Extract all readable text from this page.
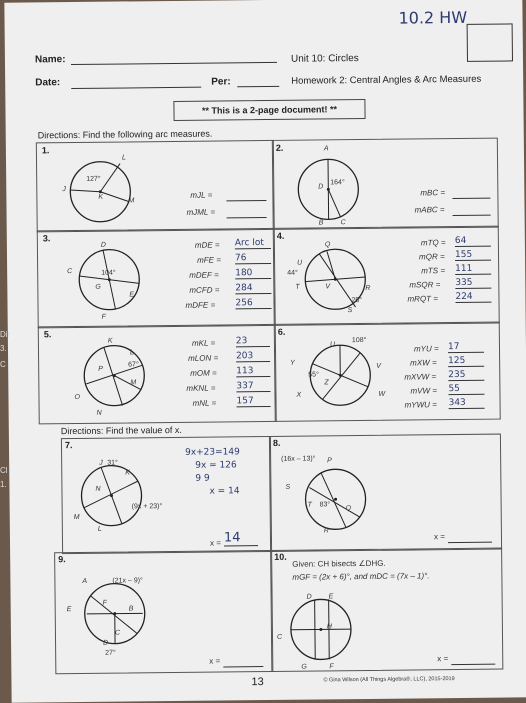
10.2 HW
Name:
Date:	Per:
Unit 10: Circles
Homework 2: Central Angles & Arc Measures
** This is a 2-page document! **
Directions: Find the following arc measures.
1.	2.
3.	4.
5.	6.
127°
L
J
K
M
mJL =
mJML =
164°
A
D
B C
mBC =
mABC =
104°
D
C
G
E
F
mDE = Arc lot
mFE = 76
mDEF = 180
mCFD = 284
mDFE = 256
44°
25°
Q
U
T	V	R
S
mTQ = 64
mQR = 155
mTS = 111
mSQR = 335
mRQT = 224
67°
K
L
P
M
O
N
mKL = 23
mLON = 203
mOM = 113
mKNL = 337
mNL = 157
108°
55°
U
Y	V
Z
X	W
mYU = 17
mXW = 125
mXVW = 235
mVW = 55
mYWU = 343
Directions: Find the value of x.
7.	8.
9.	10.
31°
(9x + 23)°
J
K
N
M
L
9x+23=149
9x = 126
9 9
x = 14
x = 14
(16x – 13)° P
83°
S
T
Q
R
x =
(21x – 9)°
A
E
F
B
C
D
27°
x =
Given: CH bisects ∠DHG.
mGF = (2x + 6)°, and mDC = (7x – 1)°.
D E
C
H
G	F
x =
13	© Gina Wilson (All Things Algebra®, LLC), 2015-2019
Dir
3.
C
Cl
1.
